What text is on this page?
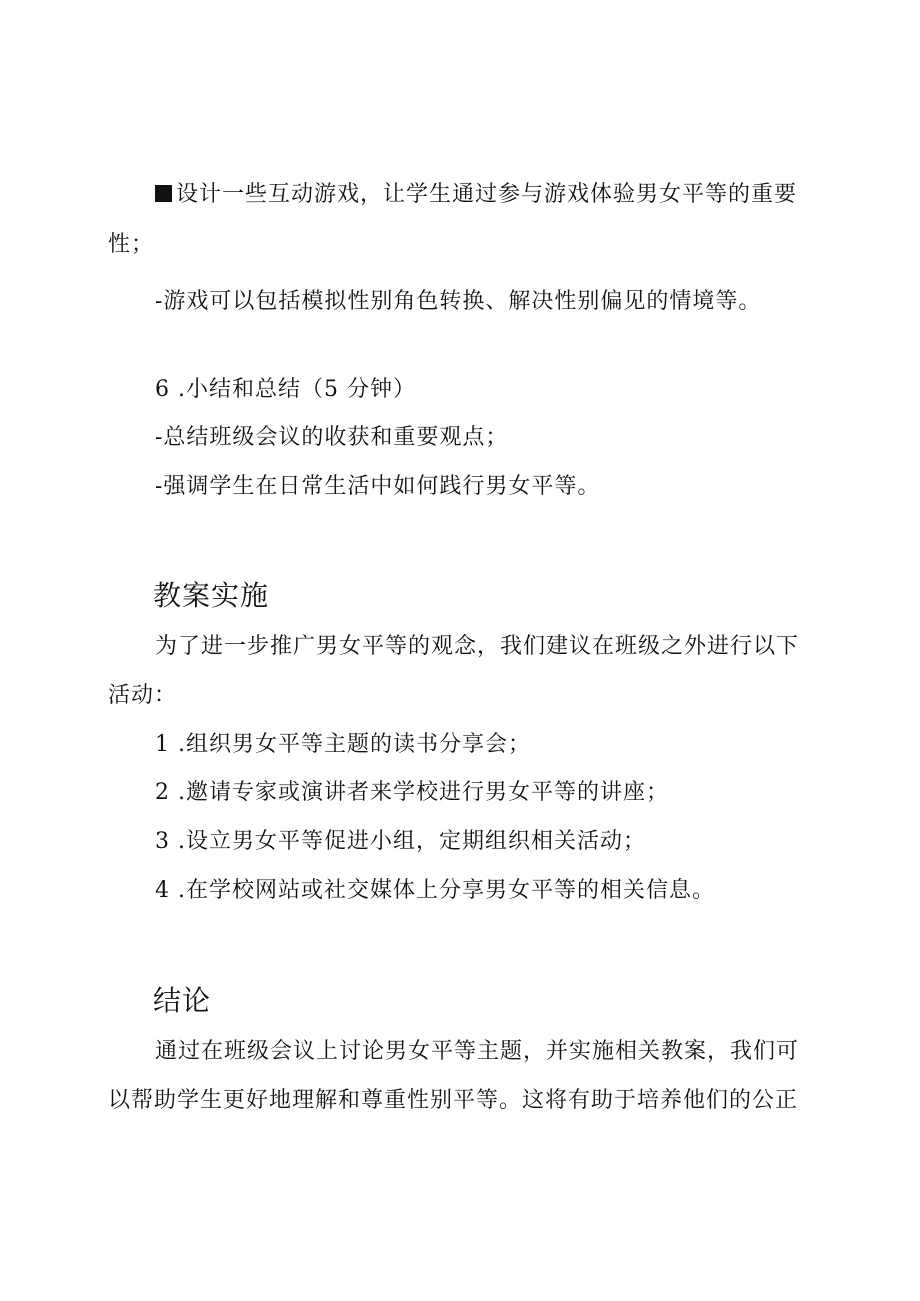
设计一些互动游戏，让学生通过参与游戏体验男女平等的重要
性；
-游戏可以包括模拟性别角色转换、解决性别偏见的情境等。
6 .小结和总结（5 分钟）
-总结班级会议的收获和重要观点；
-强调学生在日常生活中如何践行男女平等。
教案实施
为了进一步推广男女平等的观念，我们建议在班级之外进行以下
活动：
1 .组织男女平等主题的读书分享会；
2 .邀请专家或演讲者来学校进行男女平等的讲座；
3 .设立男女平等促进小组，定期组织相关活动；
4 .在学校网站或社交媒体上分享男女平等的相关信息。
结论
通过在班级会议上讨论男女平等主题，并实施相关教案，我们可
以帮助学生更好地理解和尊重性别平等。这将有助于培养他们的公正
